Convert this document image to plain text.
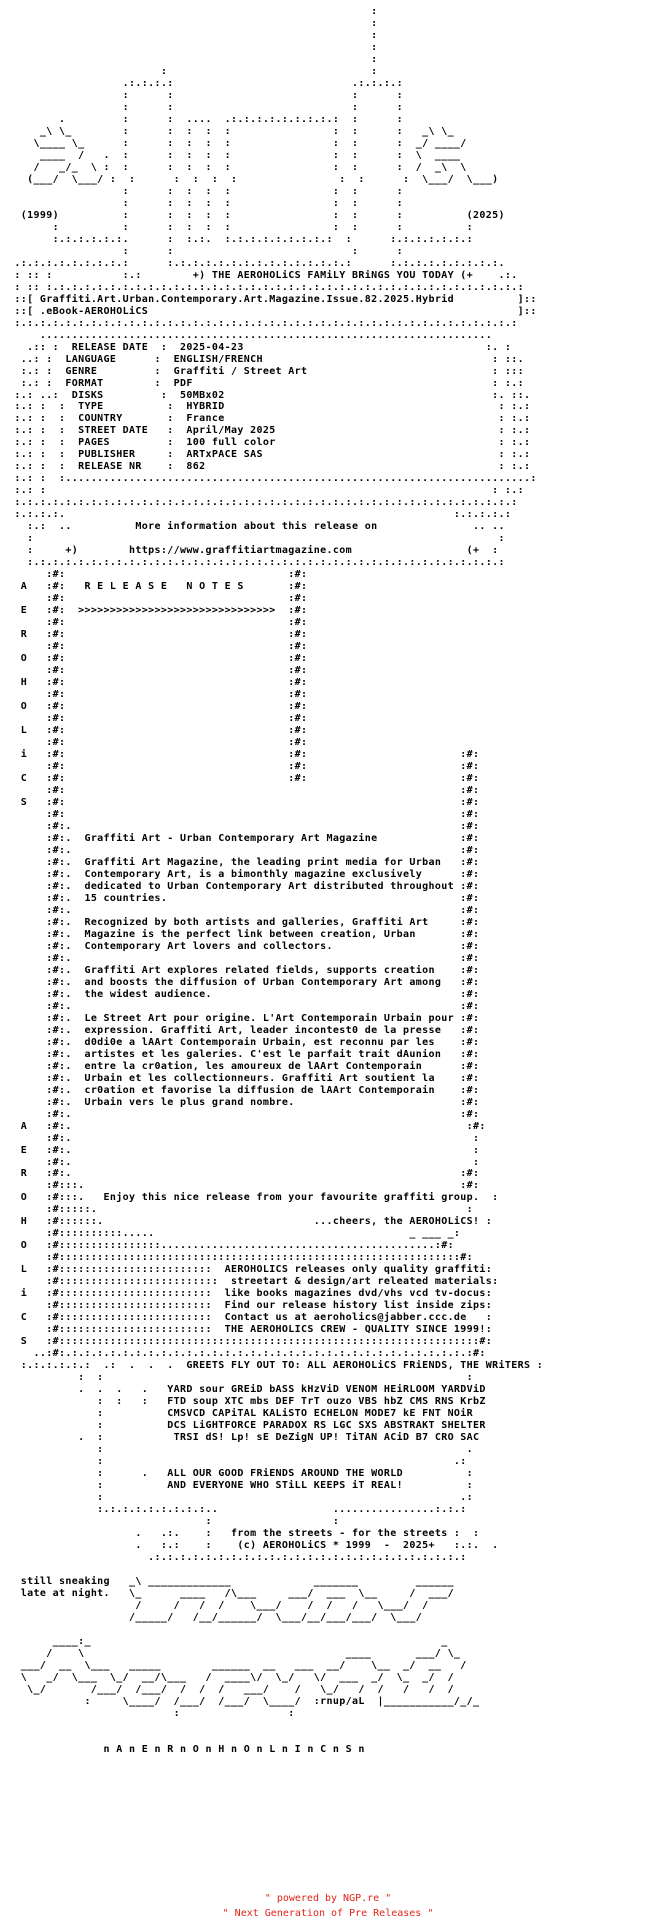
:
:
:
:
:
:                                :
.:.:.:.:                            .:.:.:.:
:      :                            :      :
:      :                            :      :
.         :      :  ....  .:.:.:.:.:.:.:.:.:  :      :
_\ \_        :      :  :  :  :                :  :      :   _\ \_
\____ \_      :      :  :  :  :                :  :      :  _/ ____/
____  /   .  :      :  :  :  :                :  :      :  \  ____
/   _/_  \ :  :      :  :  :  :                :  :      :  /  _\  \
(___/  \___/ :  :      :  :  :  :                :  :      :  \___/  \___)
:      :  :  :  :                :  :      :
:      :  :  :  :                :  :      :
(1999)          :      :  :  :  :                :  :      :          (2025)
:          :      :  :  :  :                :  :      :          :
:.:.:.:.:.:.      :  :.:.  :.:.:.:.:.:.:.:.:  :      :.:.:.:.:.:.:
:      :                            :      :
.:.:.:.:.:.:.:.:.:      :.:.:.:.:.:.:.:.:.:.:.:.:.:.:      :.:.:.:.:.:.:.:.:.
: :: :           :.:        +) THE AEROHOLiCS FAMiLY BRiNGS YOU TODAY (+    .:.
: :: :.:.:.:.:.:.:.:.:.:.:.:.:.:.:.:.:.:.:.:.:.:.:.:.:.:.:.:.:.:.:.:.:.:.:.:.:.:
::[ Graffiti.Art.Urban.Contemporary.Art.Magazine.Issue.82.2025.Hybrid          ]::
::[ .eBook-AEROHOLiCS                                                          ]::
:.:.:.:.:.:.:.:.:.:.:.:.:.:.:.:.:.:.:.:.:.:.:.:.:.:.:.:.:.:.:.:.:.:.:.:.:.:.:.:
.......................................................................
.:: :  RELEASE DATE  :  2025-04-23                                      :. :
..: :  LANGUAGE      :  ENGLISH/FRENCH                                    : ::.
:.: :  GENRE         :  Graffiti / Street Art                             : :::
:.: :  FORMAT        :  PDF                                               : :.:
:.: ..:  DISKS         :  50MBx02                                          :. ::.
:.: :  :  TYPE          :  HYBRID                                           : :.:
:.: :  :  COUNTRY       :  France                                           : :.:
:.: :  :  STREET DATE   :  April/May 2025                                   : :.:
:.: :  :  PAGES         :  100 full color                                   : :.:
:.: :  :  PUBLISHER     :  ARTxPACE SAS                                     : :.:
:.: :  :  RELEASE NR    :  862                                              : :.:
:.: :  :.........................................................................:
:.: :                                                                      : :.:
:.:.:.:.:.:.:.:.:.:.:.:.:.:.:.:.:.:.:.:.:.:.:.:.:.:.:.:.:.:.:.:.:.:.:.:.:.:.:.:
:.:.:.:.                                                             :.:.:.:.:
:.:  ..          More information about this release on               .. ..
:                                                                         :
:     +)        https://www.graffitiartmagazine.com                  (+  :
:.:.:.:.:.:.:.:.:.:.:.:.:.:.:.:.:.:.:.:.:.:.:.:.:.:.:.:.:.:.:.:.:.:.:.:.:.:
:#:                                   :#:
A   :#:   R E L E A S E   N O T E S       :#:
:#:                                   :#:
E   :#:  >>>>>>>>>>>>>>>>>>>>>>>>>>>>>>>  :#:
:#:                                   :#:
R   :#:                                   :#:
:#:                                   :#:
O   :#:                                   :#:
:#:                                   :#:
H   :#:                                   :#:
:#:                                   :#:
O   :#:                                   :#:
:#:                                   :#:
L   :#:                                   :#:
:#:                                   :#:
i   :#:                                   :#:                        :#:
:#:                                   :#:                        :#:
C   :#:                                   :#:                        :#:
:#:                                                              :#:
S   :#:                                                              :#:
:#:                                                              :#:
:#:.                                                             :#:
:#:.  Graffiti Art - Urban Contemporary Art Magazine             :#:
:#:.                                                             :#:
:#:.  Graffiti Art Magazine, the leading print media for Urban   :#:
:#:.  Contemporary Art, is a bimonthly magazine exclusively      :#:
:#:.  dedicated to Urban Contemporary Art distributed throughout :#:
:#:.  15 countries.                                              :#:
:#:.                                                             :#:
:#:.  Recognized by both artists and galleries, Graffiti Art     :#:
:#:.  Magazine is the perfect link between creation, Urban       :#:
:#:.  Contemporary Art lovers and collectors.                    :#:
:#:.                                                             :#:
:#:.  Graffiti Art explores related fields, supports creation    :#:
:#:.  and boosts the diffusion of Urban Contemporary Art among   :#:
:#:.  the widest audience.                                       :#:
:#:.                                                             :#:
:#:.  Le Street Art pour origine. L'Art Contemporain Urbain pour :#:
:#:.  expression. Graffiti Art, leader incontest0 de la presse   :#:
:#:.  d0di0e a lAArt Contemporain Urbain, est reconnu par les    :#:
:#:.  artistes et les galeries. C'est le parfait trait dAunion   :#:
:#:.  entre la cr0ation, les amoureux de lAArt Contemporain      :#:
:#:.  Urbain et les collectionneurs. Graffiti Art soutient la    :#:
:#:.  cr0ation et favorise la diffusion de lAArt Contemporain    :#:
:#:.  Urbain vers le plus grand nombre.                          :#:
:#:.                                                             :#:
A   :#:.                                                              :#:
:#:.                                                               :
E   :#:.                                                               :
:#:.                                                               :
R   :#:.                                                             :#:
:#:::.                                                           :#:
O   :#:::.   Enjoy this nice release from your favourite graffiti group.  :
:#:::::.                                                          :
H   :#::::::.                                 ...cheers, the AEROHOLiCS! :
:#::::::::::.....                                        _ ___ _:
O   :#::::::::::::::::...........................................:#:
:#:::::::::::::::::::::::::::::::::::::::::::::::::::::::::::::::#:
L   :#::::::::::::::::::::::::  AEROHOLICS releases only quality graffiti:
:#:::::::::::::::::::::::::  streetart & design/art releated materials:
i   :#::::::::::::::::::::::::  like books magazines dvd/vhs vcd tv-docus:
:#::::::::::::::::::::::::  Find our release history list inside zips:
C   :#::::::::::::::::::::::::  Contact us at aeroholics@jabber.ccc.de   :
:#::::::::::::::::::::::::  THE AEROHOLICS CREW - QUALITY SINCE 1999!:
S   :#::::::::::::::::::::::::::::::::::::::::::::::::::::::::::::::::::#:
..:#:.:.:.:.:.:.:.:.:.:.:.:.:.:.:.:.:.:.:.:.:.:.:.:.:.:.:.:.:.:.:.:.:#:
:.:.:.:.:.:  .:  .  .  .  GREETS FLY OUT TO: ALL AEROHOLiCS FRiENDS, THE WRiTERS :
:  :                                                         :
.  .  .   .   YARD sour GREiD bASS kHzViD VENOM HEiRLOOM YARDViD
:  :   :   FTD soup XTC mbs DEF TrT ouzo VBS hbZ CMS RNS KrbZ
:          CMSVCD CAPiTAL KALiSTO ECHELON MODE7 kE FNT NOiR
:          DCS LiGHTFORCE PARADOX RS LGC SXS ABSTRAKT SHELTER
.  :           TRSI dS! Lp! sE DeZigN UP! TiTAN ACiD B7 CRO SAC
:                                                         .
:                                                       .:
:      .   ALL OUR GOOD FRiENDS AROUND THE WORLD          :
:          AND EVERYONE WHO STiLL KEEPS iT REAL!          :
:                                                        .:
:.:.:.:.:.:.:.:.:..                  ................:.:.:
:                   :
.   .:.    :   from the streets - for the streets :  :
.   :.:    :    (c) AEROHOLiCS * 1999  -  2025+   :.:.  .
.:.:.:.:.:.:.:.:.:.:.:.:.:.:.:.:.:.:.:.:.:.:.:.:.:

still sneaking   _\ _____________             _______         ______
late at night.   \_      ____   /\___     ___/  ___  \__     /  ___/
/     /   /  /    \___/    /  /   /   \___/  /
/_____/   /__/______/  \___/__/___/___/  \___/

____:_                                                       _
/    \                                         ____       ___/ \_
___/  __  \___   _____        ______  __   ___  __/    \__  _/  __   /
\   _/  \___  \_/  __/\___   /  ____\/  \_/   \/  ___  _/  \_  _/  /
\_/       /___/  /___/  /  /  /   ___/    /   \_/   /  /   /   /  /
:     \____/  /___/  /___/  \____/  :rnup/aL  |___________/_/_
:                 :

n A n E n R n O n H n O n L n I n C n S n
" powered by NGP.re "
" Next Generation of Pre Releases "
